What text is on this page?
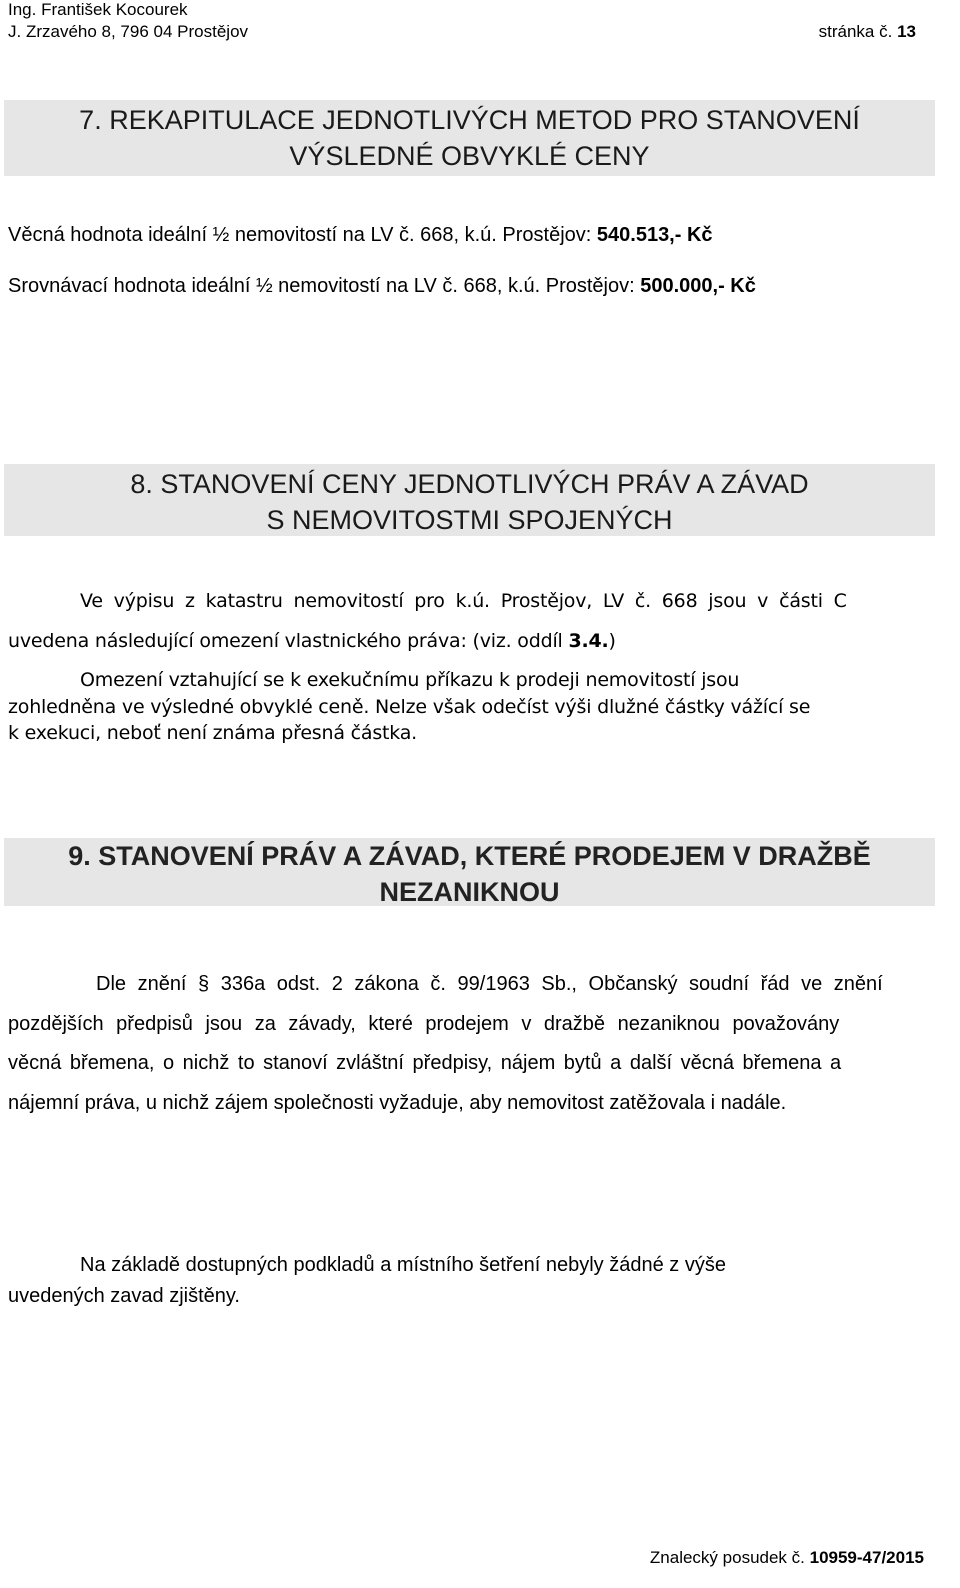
Ing. František Kocourek
J. Zrzavého 8, 796 04 Prostějov	stránka č. 13
7. REKAPITULACE JEDNOTLIVÝCH METOD PRO STANOVENÍ
VÝSLEDNÉ OBVYKLÉ CENY
Věcná hodnota ideální ½ nemovitostí na LV č. 668, k.ú. Prostějov: 540.513,- Kč
Srovnávací hodnota ideální ½ nemovitostí na LV č. 668, k.ú. Prostějov: 500.000,- Kč
8. STANOVENÍ CENY JEDNOTLIVÝCH PRÁV A ZÁVAD
S NEMOVITOSTMI SPOJENÝCH
Ve výpisu z katastru nemovitostí pro k.ú. Prostějov, LV č. 668 jsou v části C
uvedena následující omezení vlastnického práva: (viz. oddíl 3.4.)
Omezení vztahující se k exekučnímu příkazu k prodeji nemovitostí jsou
zohledněna ve výsledné obvyklé ceně. Nelze však odečíst výši dlužné částky vážící se
k exekuci, neboť není známa přesná částka.
9. STANOVENÍ PRÁV A ZÁVAD, KTERÉ PRODEJEM V DRAŽBĚ
NEZANIKNOU
Dle znění § 336a odst. 2 zákona č. 99/1963 Sb., Občanský soudní řád ve znění
pozdějších předpisů jsou za závady, které prodejem v dražbě nezaniknou považovány
věcná břemena, o nichž to stanoví zvláštní předpisy, nájem bytů a další věcná břemena a
nájemní práva, u nichž zájem společnosti vyžaduje, aby nemovitost zatěžovala i nadále.
Na základě dostupných podkladů a místního šetření nebyly žádné z výše
uvedených zavad zjištěny.
Znalecký posudek č. 10959-47/2015
